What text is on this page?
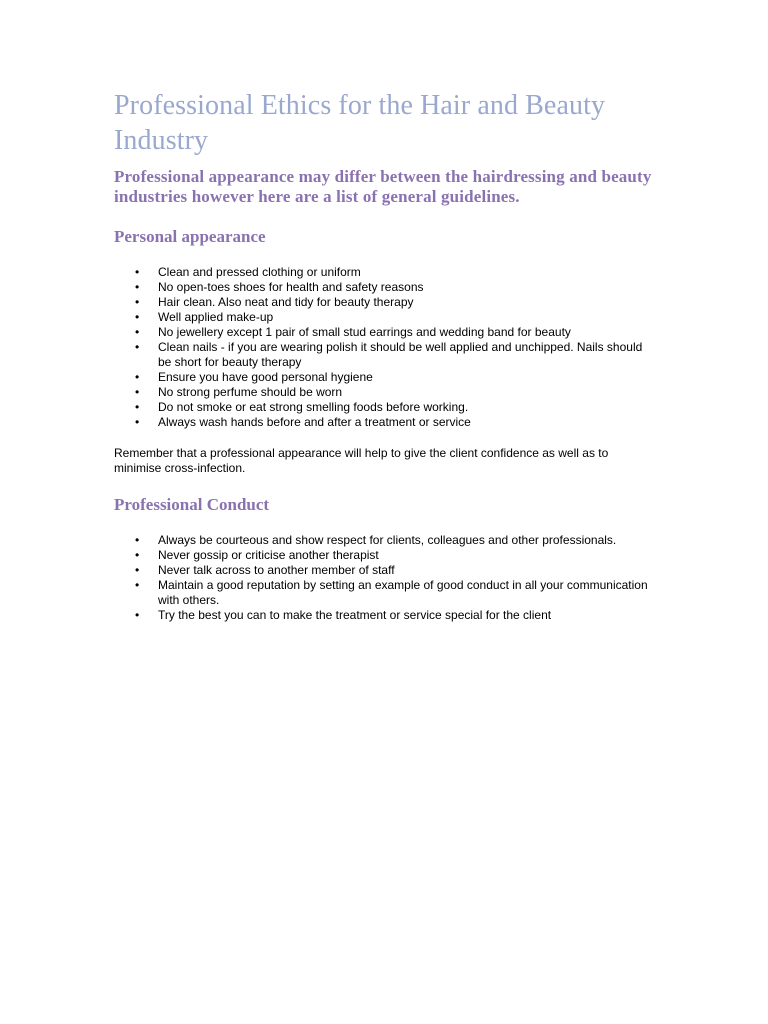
Professional Ethics for the Hair and Beauty Industry

Professional appearance may differ between the hairdressing and beauty industries however here are a list of general guidelines.

Personal appearance
• Clean and pressed clothing or uniform
• No open-toes shoes for health and safety reasons
• Hair clean. Also neat and tidy for beauty therapy
• Well applied make-up
• No jewellery except 1 pair of small stud earrings and wedding band for beauty
• Clean nails - if you are wearing polish it should be well applied and unchipped. Nails should be short for beauty therapy
• Ensure you have good personal hygiene
• No strong perfume should be worn
• Do not smoke or eat strong smelling foods before working.
• Always wash hands before and after a treatment or service

Remember that a professional appearance will help to give the client confidence as well as to minimise cross-infection.

Professional Conduct
• Always be courteous and show respect for clients, colleagues and other professionals.
• Never gossip or criticise another therapist
• Never talk across to another member of staff
• Maintain a good reputation by setting an example of good conduct in all your communication with others.
• Try the best you can to make the treatment or service special for the client
